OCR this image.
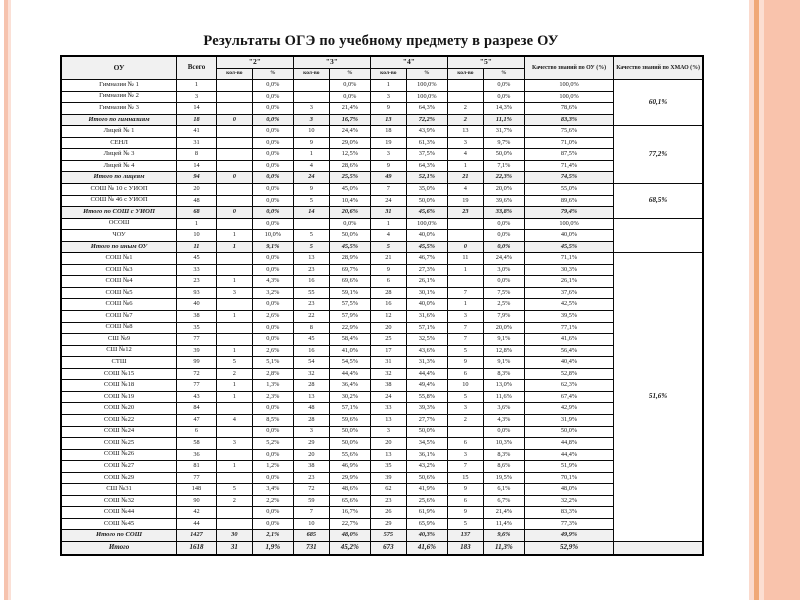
Результаты ОГЭ по учебному предмету в разрезе ОУ
ОУ	Всего	"2"		"3"		"4"		"5"		Качество знаний по ОУ (%)	Качество знаний по ХМАО (%)
		кол-во	%	кол-во	%	кол-во	%	кол-во	%		
Гимназия № 1	1		0,0%		0,0%	1	100,0%		0,0%	100,0%	60,1%
Гимназия № 2	3		0,0%		0,0%	3	100,0%		0,0%	100,0%	
Гимназия № 3	14		0,0%	3	21,4%	9	64,3%	2	14,3%	78,6%	
Итого по гимназиям	18	0	0,0%	3	16,7%	13	72,2%	2	11,1%	83,3%	
Лицей № 1	41		0,0%	10	24,4%	18	43,9%	13	31,7%	75,6%	77,2%
СЕНЛ	31		0,0%	9	29,0%	19	61,3%	3	9,7%	71,0%	
Лицей № 3	8		0,0%	1	12,5%	3	37,5%	4	50,0%	87,5%	
Лицей № 4	14		0,0%	4	28,6%	9	64,3%	1	7,1%	71,4%	
Итого по лицеям	94	0	0,0%	24	25,5%	49	52,1%	21	22,3%	74,5%	
СОШ № 10 с УИОП	20		0,0%	9	45,0%	7	35,0%	4	20,0%	55,0%	68,5%
СОШ № 46 с УИОП	48		0,0%	5	10,4%	24	50,0%	19	39,6%	89,6%	
Итого по СОШ с УИОП	68	0	0,0%	14	20,6%	31	45,6%	23	33,8%	79,4%	
ОСОШ	1		0,0%		0,0%	1	100,0%		0,0%	100,0%	
ЧОУ	10	1	10,0%	5	50,0%	4	40,0%		0,0%	40,0%	
Итого по иным ОУ	11	1	9,1%	5	45,5%	5	45,5%	0	0,0%	45,5%	
СОШ №1	45		0,0%	13	28,9%	21	46,7%	11	24,4%	71,1%	51,6%
СОШ №3	33		0,0%	23	69,7%	9	27,3%	1	3,0%	30,3%	
СОШ №4	23	1	4,3%	16	69,6%	6	26,1%		0,0%	26,1%	
СОШ №5	93	3	3,2%	55	59,1%	28	30,1%	7	7,5%	37,6%	
СОШ №6	40		0,0%	23	57,5%	16	40,0%	1	2,5%	42,5%	
СОШ №7	38	1	2,6%	22	57,9%	12	31,6%	3	7,9%	39,5%	
СОШ №8	35		0,0%	8	22,9%	20	57,1%	7	20,0%	77,1%	
СШ №9	77		0,0%	45	58,4%	25	32,5%	7	9,1%	41,6%	
СШ №12	39	1	2,6%	16	41,0%	17	43,6%	5	12,8%	56,4%	
СТШ	99	5	5,1%	54	54,5%	31	31,3%	9	9,1%	40,4%	
СОШ №15	72	2	2,8%	32	44,4%	32	44,4%	6	8,3%	52,8%	
СОШ №18	77	1	1,3%	28	36,4%	38	49,4%	10	13,0%	62,3%	
СОШ №19	43	1	2,3%	13	30,2%	24	55,8%	5	11,6%	67,4%	
СОШ №20	84		0,0%	48	57,1%	33	39,3%	3	3,6%	42,9%	
СОШ №22	47	4	8,5%	28	59,6%	13	27,7%	2	4,3%	31,9%	
СОШ №24	6		0,0%	3	50,0%	3	50,0%		0,0%	50,0%	
СОШ №25	58	3	5,2%	29	50,0%	20	34,5%	6	10,3%	44,8%	
СОШ №26	36		0,0%	20	55,6%	13	36,1%	3	8,3%	44,4%	
СОШ №27	81	1	1,2%	38	46,9%	35	43,2%	7	8,6%	51,9%	
СОШ №29	77		0,0%	23	29,9%	39	50,6%	15	19,5%	70,1%	
СШ №31	148	5	3,4%	72	48,6%	62	41,9%	9	6,1%	48,0%	
СОШ №32	90	2	2,2%	59	65,6%	23	25,6%	6	6,7%	32,2%	
СОШ №44	42		0,0%	7	16,7%	26	61,9%	9	21,4%	83,3%	
СОШ №45	44		0,0%	10	22,7%	29	65,9%	5	11,4%	77,3%	
Итого по СОШ	1427	30	2,1%	685	48,0%	575	40,3%	137	9,6%	49,9%	
Итого	1618	31	1,9%	731	45,2%	673	41,6%	183	11,3%	52,9%	
